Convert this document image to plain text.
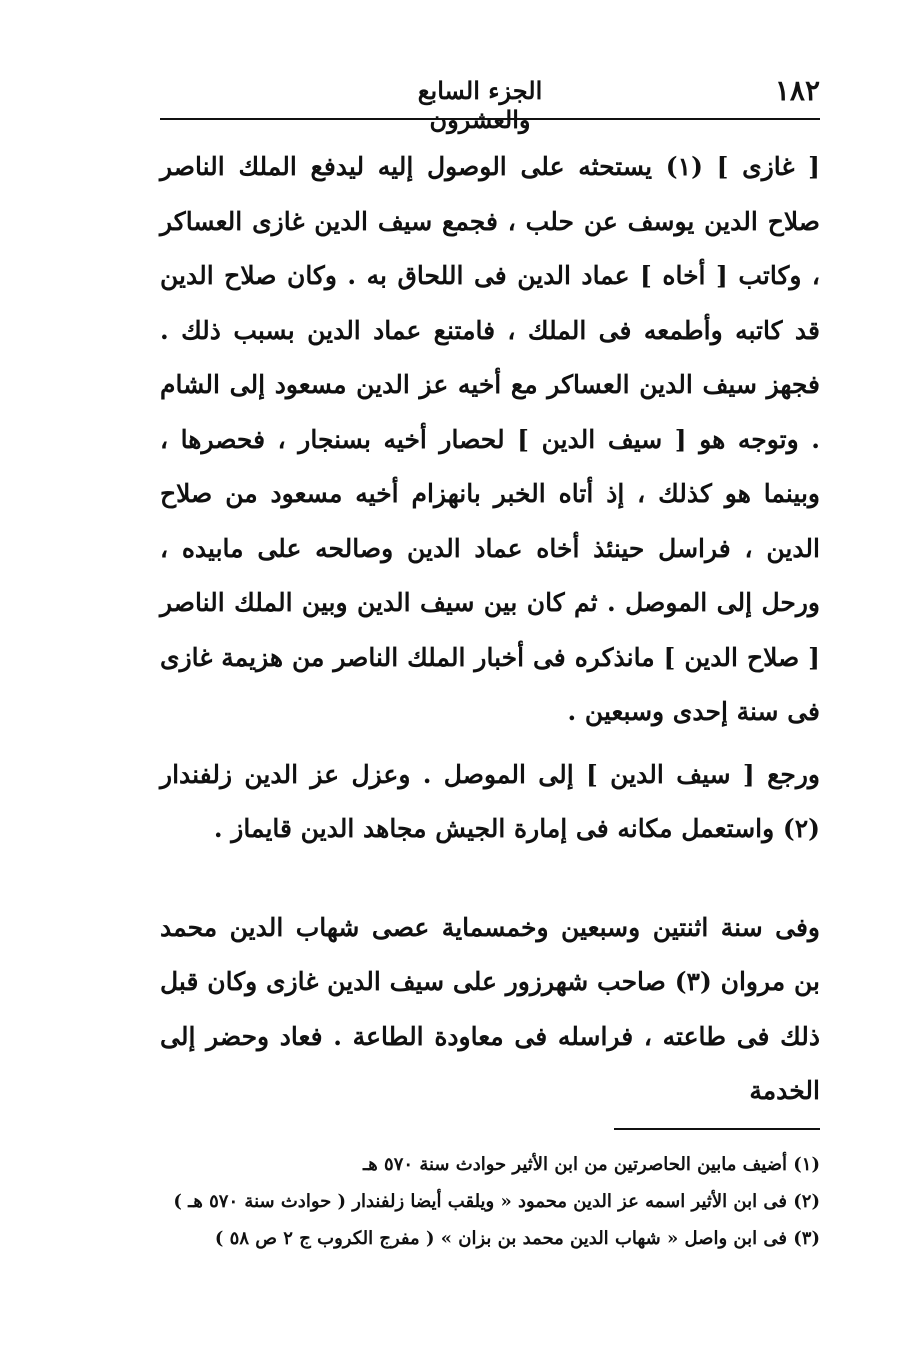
١٨٢
الجزء السابع والعشرون

[ غازى ] (١) يستحثه على الوصول إليه ليدفع الملك الناصر صلاح الدين يوسف عن حلب ، فجمع سيف الدين غازى العساكر ، وكاتب [ أخاه ] عماد الدين فى اللحاق به . وكان صلاح الدين قد كاتبه وأطمعه فى الملك ، فامتنع عماد الدين بسبب ذلك . فجهز سيف الدين العساكر مع أخيه عز الدين مسعود إلى الشام . وتوجه هو [ سيف الدين ] لحصار أخيه بسنجار ، فحصرها ، وبينما هو كذلك ، إذ أتاه الخبر بانهزام أخيه مسعود من صلاح الدين ، فراسل حينئذ أخاه عماد الدين وصالحه على مابيده ، ورحل إلى الموصل . ثم كان بين سيف الدين وبين الملك الناصر [ صلاح الدين ] مانذكره فى أخبار الملك الناصر من هزيمة غازى فى سنة إحدى وسبعين .

ورجع [ سيف الدين ] إلى الموصل . وعزل عز الدين زلفندار (٢) واستعمل مكانه فى إمارة الجيش مجاهد الدين قايماز .

وفى سنة اثنتين وسبعين وخمسماية عصى شهاب الدين محمد بن مروان (٣) صاحب شهرزور على سيف الدين غازى وكان قبل ذلك فى طاعته ، فراسله فى معاودة الطاعة . فعاد وحضر إلى الخدمة

(١) أضيف مابين الحاصرتين من ابن الأثير حوادث سنة ٥٧٠ هـ

(٢) فى ابن الأثير اسمه عز الدين محمود « ويلقب أيضا زلفندار ( حوادث سنة ٥٧٠ هـ )

(٣) فى ابن واصل « شهاب الدين محمد بن بزان » ( مفرج الكروب ج ٢ ص ٥٨ )
